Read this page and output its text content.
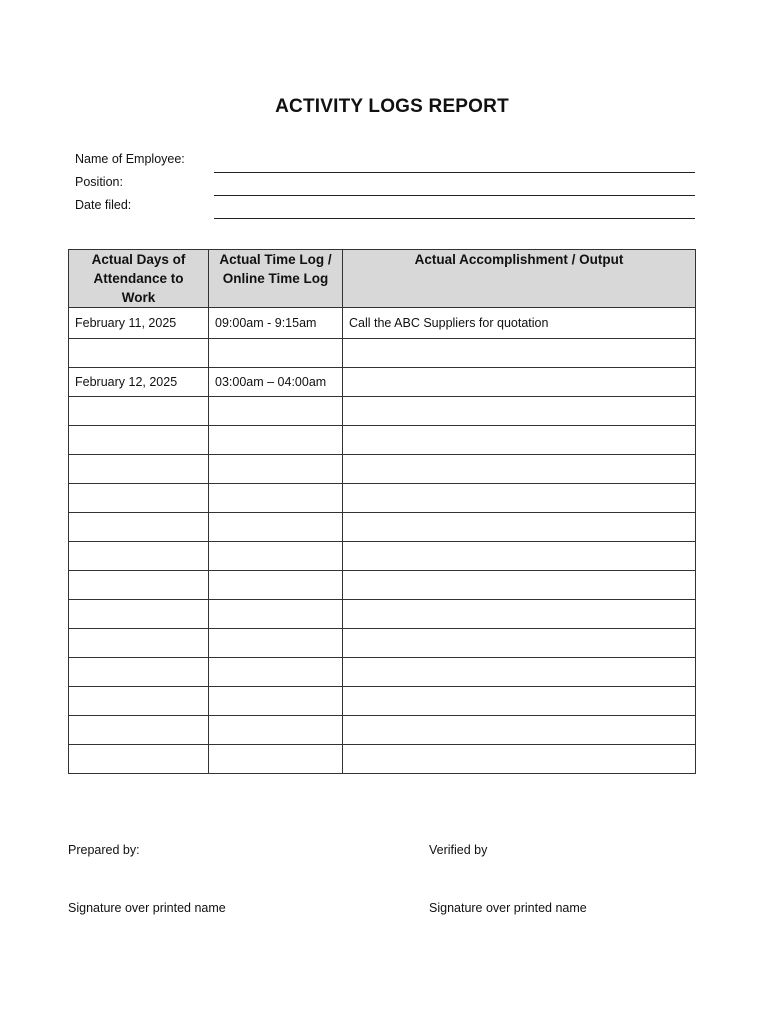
ACTIVITY LOGS REPORT
Name of Employee:
Position:
Date filed:
Actual Days of Attendance to Work	Actual Time Log / Online Time Log	Actual Accomplishment / Output
February 11, 2025	09:00am - 9:15am	Call the ABC Suppliers for quotation

February 12, 2025	03:00am – 04:00am	

Prepared by:	Verified by
Signature over printed name	Signature over printed name
